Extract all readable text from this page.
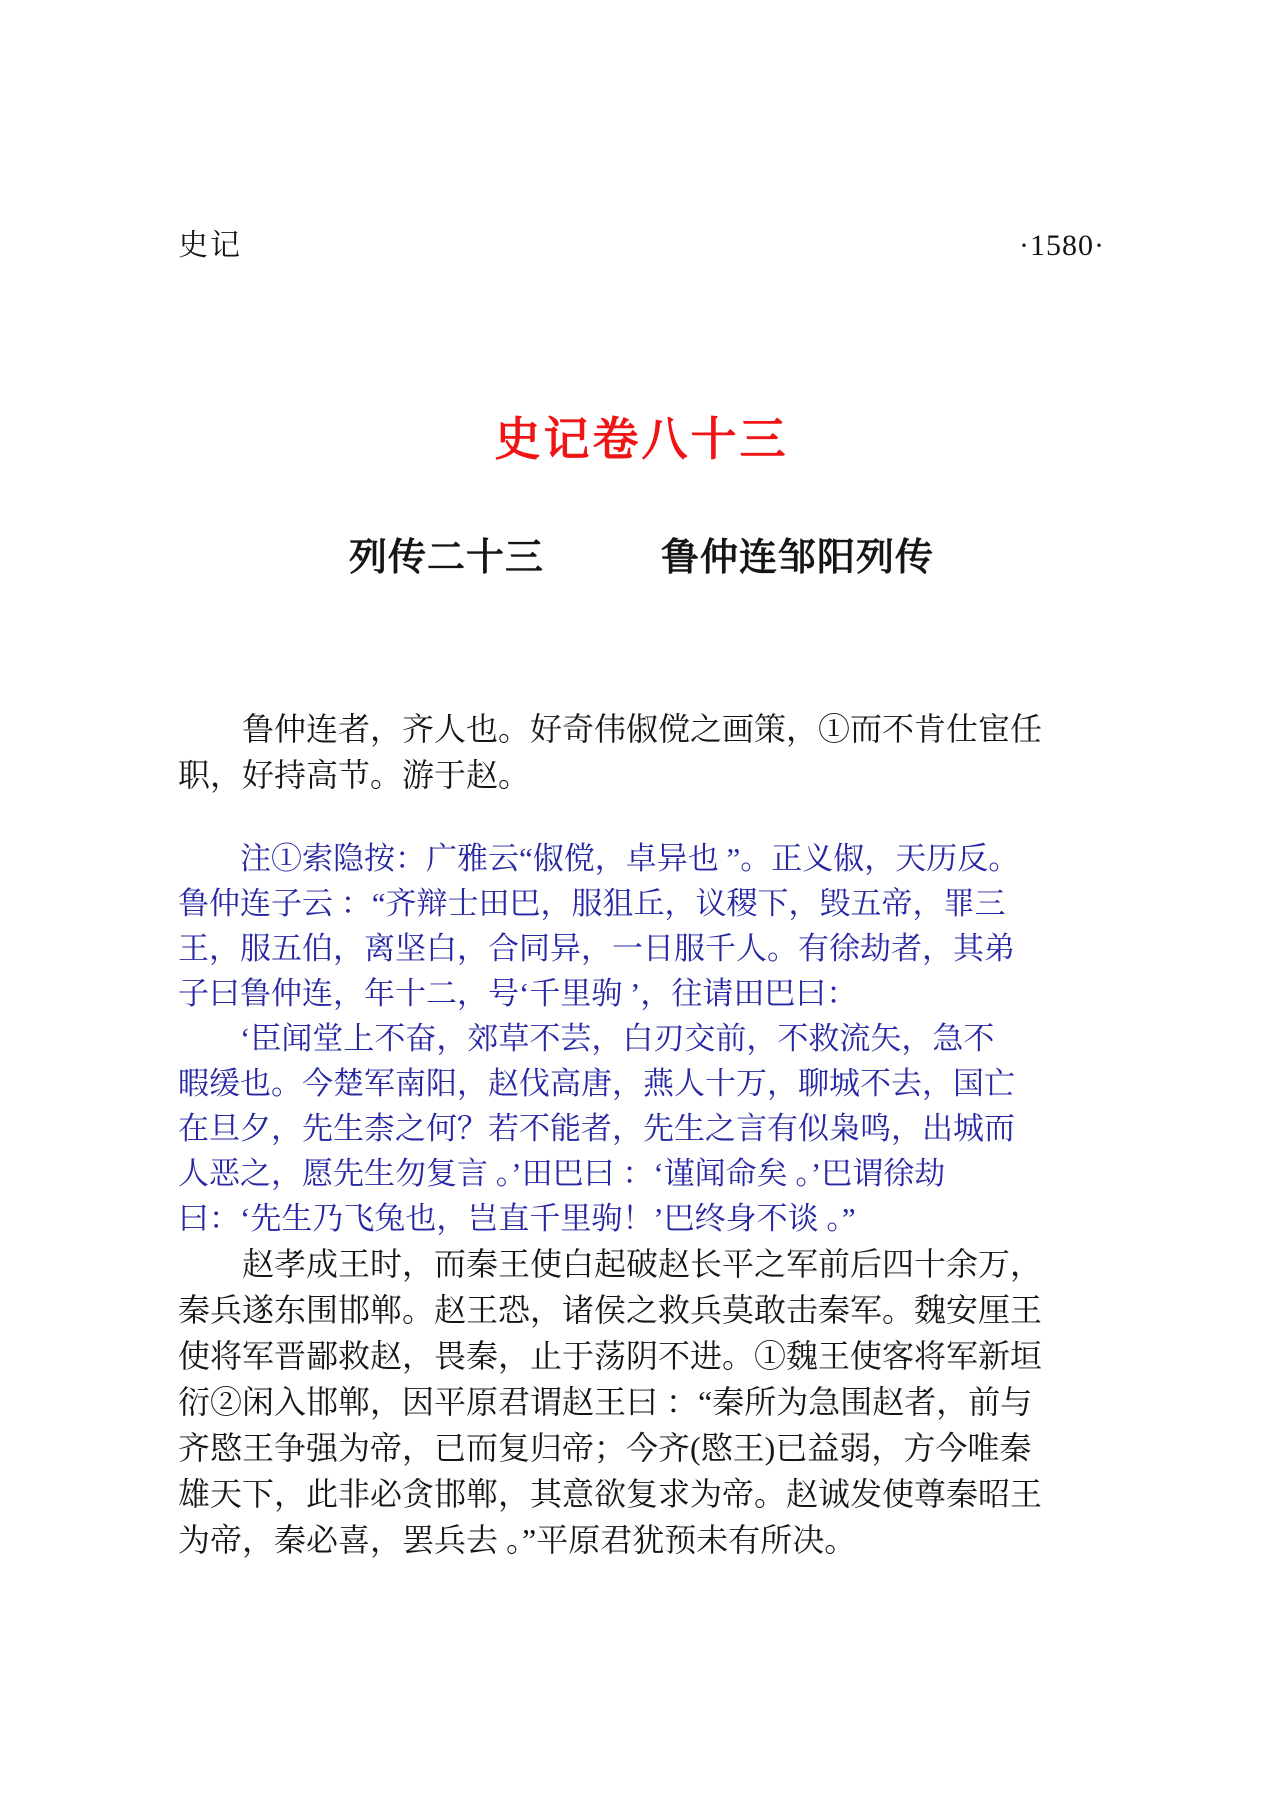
史记	·1580·
史记卷八十三
列传二十三　　　鲁仲连邹阳列传
　　鲁仲连者，齐人也。好奇伟俶傥之画策，①而不肯仕宦任
职，好持高节。游于赵。
　　注①索隐按：广雅云“俶傥，卓异也 ”。正义俶，天历反。
鲁仲连子云 ：“齐辩士田巴，服狙丘，议稷下，毁五帝，罪三
王，服五伯，离坚白，合同异，一日服千人。有徐劫者，其弟
子曰鲁仲连，年十二，号‘千里驹 ’，往请田巴曰：
　　‘臣闻堂上不奋，郊草不芸，白刃交前，不救流矢，急不
暇缓也。今楚军南阳，赵伐高唐，燕人十万，聊城不去，国亡
在旦夕，先生柰之何？若不能者，先生之言有似枭鸣，出城而
人恶之，愿先生勿复言 。’田巴曰 ：‘谨闻命矣 。’巴谓徐劫
曰：‘先生乃飞兔也，岂直千里驹！’巴终身不谈 。”
　　赵孝成王时，而秦王使白起破赵长平之军前后四十余万，
秦兵遂东围邯郸。赵王恐，诸侯之救兵莫敢击秦军。魏安厘王
使将军晋鄙救赵，畏秦，止于荡阴不进。①魏王使客将军新垣
衍②闲入邯郸，因平原君谓赵王曰 ：“秦所为急围赵者，前与
齐愍王争强为帝，已而复归帝；今齐(愍王)已益弱，方今唯秦
雄天下，此非必贪邯郸，其意欲复求为帝。赵诚发使尊秦昭王
为帝，秦必喜，罢兵去 。”平原君犹预未有所决。
